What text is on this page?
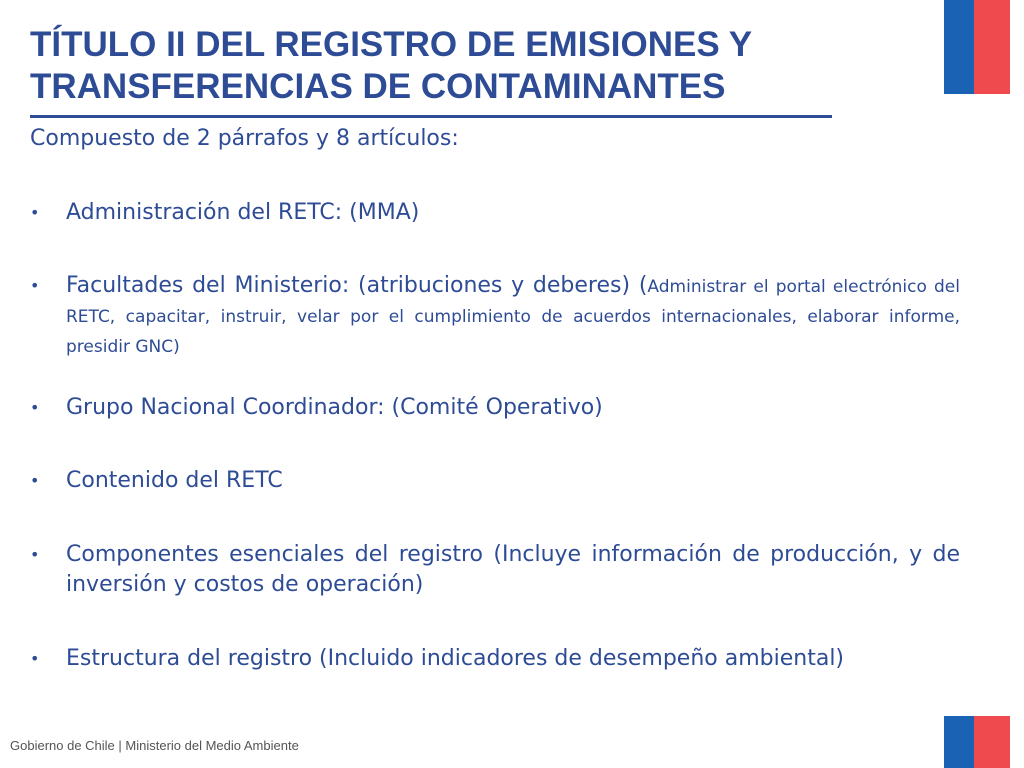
TÍTULO II DEL REGISTRO DE EMISIONES Y
TRANSFERENCIAS DE CONTAMINANTES
Compuesto de 2 párrafos y 8 artículos:
• Administración del RETC: (MMA)
• Facultades del Ministerio: (atribuciones y deberes) (Administrar el portal electrónico del RETC, capacitar, instruir, velar por el cumplimiento de acuerdos internacionales, elaborar informe, presidir GNC)
• Grupo Nacional Coordinador: (Comité Operativo)
• Contenido del RETC
• Componentes esenciales del registro (Incluye información de producción, y de inversión y costos de operación)
• Estructura del registro (Incluido indicadores de desempeño ambiental)
Gobierno de Chile | Ministerio del Medio Ambiente
